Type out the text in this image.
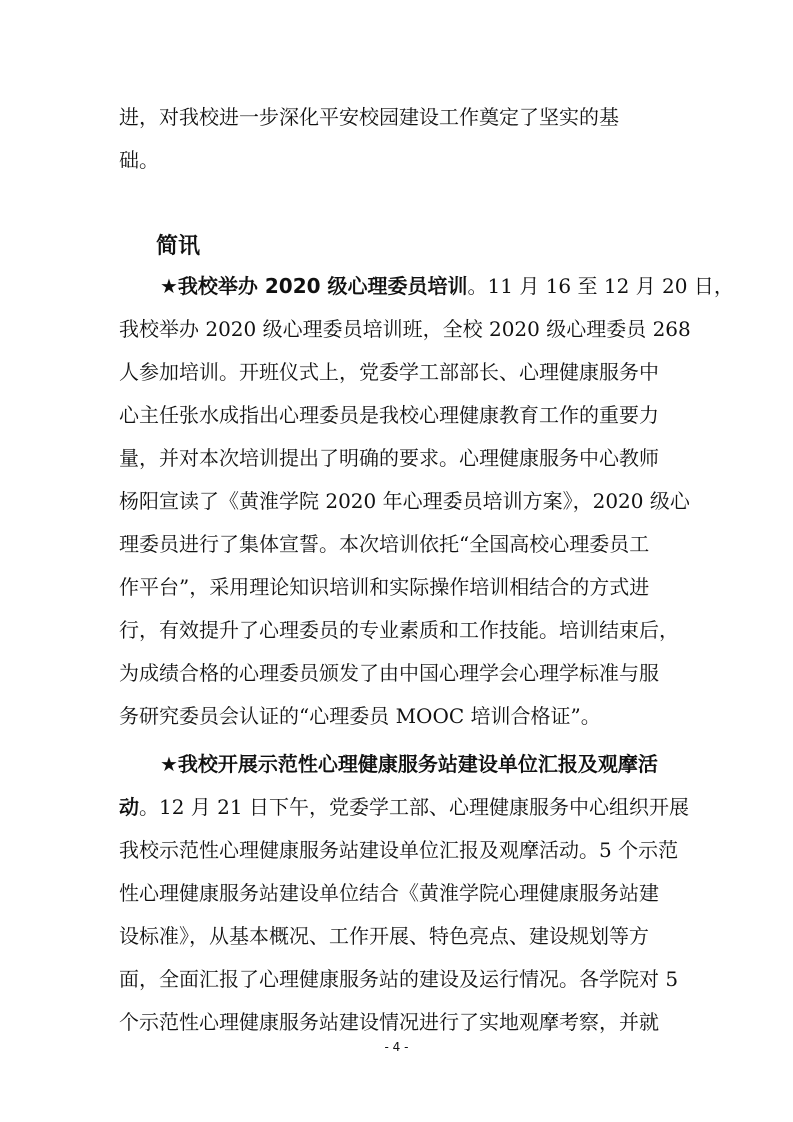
进，对我校进一步深化平安校园建设工作奠定了坚实的基
础。
简讯
★我校举办 2020 级心理委员培训。11 月 16 至 12 月 20 日，
我校举办 2020 级心理委员培训班，全校 2020 级心理委员 268
人参加培训。开班仪式上，党委学工部部长、心理健康服务中
心主任张水成指出心理委员是我校心理健康教育工作的重要力
量，并对本次培训提出了明确的要求。心理健康服务中心教师
杨阳宣读了《黄淮学院 2020 年心理委员培训方案》，2020 级心
理委员进行了集体宣誓。本次培训依托“全国高校心理委员工
作平台”，采用理论知识培训和实际操作培训相结合的方式进
行，有效提升了心理委员的专业素质和工作技能。培训结束后，
为成绩合格的心理委员颁发了由中国心理学会心理学标准与服
务研究委员会认证的“心理委员 MOOC 培训合格证”。
★我校开展示范性心理健康服务站建设单位汇报及观摩活
动。12 月 21 日下午，党委学工部、心理健康服务中心组织开展
我校示范性心理健康服务站建设单位汇报及观摩活动。5 个示范
性心理健康服务站建设单位结合《黄淮学院心理健康服务站建
设标准》，从基本概况、工作开展、特色亮点、建设规划等方
面，全面汇报了心理健康服务站的建设及运行情况。各学院对 5
个示范性心理健康服务站建设情况进行了实地观摩考察，并就
- 4 -
